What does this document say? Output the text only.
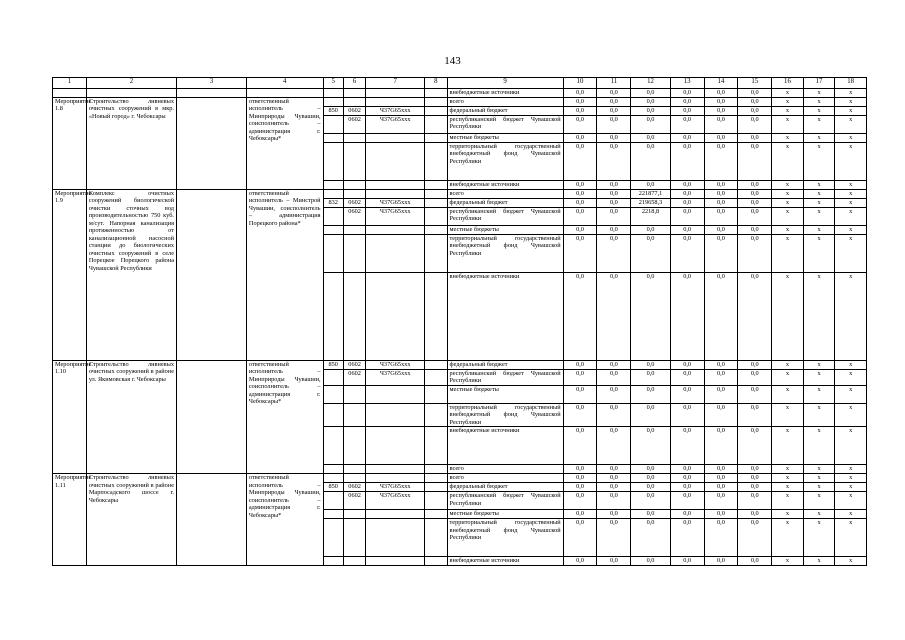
143
1	2	3	4	5	6	7	8	9	10	11	12	13	14	15	16	17	18
								внебюджетные источники	0,0	0,0	0,0	0,0	0,0	0,0	х	х	х
Мероприятие 1.8	Строительство ливневых очистных сооружений в мкр. «Новый город» г. Чебоксары		ответственный исполнитель – Минприроды Чувашии, соисполнитель – администрация г. Чебоксары*					всего	0,0	0,0	0,0	0,0	0,0	0,0	х	х	х
				850	0602	Ч37G65ххх		федеральный бюджет	0,0	0,0	0,0	0,0	0,0	0,0	х	х	х
					0602	Ч37G65ххх		республиканский бюджет Чувашской Республики	0,0	0,0	0,0	0,0	0,0	0,0	х	х	х
								местные бюджеты	0,0	0,0	0,0	0,0	0,0	0,0	х	х	х
								территориальный государственный внебюджетный фонд Чувашской Республики	0,0	0,0	0,0	0,0	0,0	0,0	х	х	х
								внебюджетные источники	0,0	0,0	0,0	0,0	0,0	0,0	х	х	х
Мероприятие 1.9	Комплекс очистных сооружений биологической очистки сточных вод производительностью 750 куб. м/сут. Напорная канализация протяженностью от канализационной насосной станции до биологических очистных сооружений в селе Порецкое Порецкого района Чувашской Республики		ответственный исполнитель – Минстрой Чувашии, соисполнитель – администрация Порецкого района*					всего	0,0	0,0	221877,1	0,0	0,0	0,0	х	х	х
				832	0602	Ч37G65ххх		федеральный бюджет	0,0	0,0	219658,3	0,0	0,0	0,0	х	х	х
					0602	Ч37G65ххх		республиканский бюджет Чувашской Республики	0,0	0,0	2218,8	0,0	0,0	0,0	х	х	х
								местные бюджеты	0,0	0,0	0,0	0,0	0,0	0,0	х	х	х
								территориальный государственный внебюджетный фонд Чувашской Республики	0,0	0,0	0,0	0,0	0,0	0,0	х	х	х
								внебюджетные источники	0,0	0,0	0,0	0,0	0,0	0,0	х	х	х
Мероприятие 1.10	Строительство ливневых очистных сооружений в районе ул. Якимовская г. Чебоксары		ответственный исполнитель – Минприроды Чувашии, соисполнитель – администрация г. Чебоксары*	850	0602	Ч37G65ххх		федеральный бюджет	0,0	0,0	0,0	0,0	0,0	0,0	х	х	х
					0602	Ч37G65ххх		республиканский бюджет Чувашской Республики	0,0	0,0	0,0	0,0	0,0	0,0	х	х	х
								местные бюджеты	0,0	0,0	0,0	0,0	0,0	0,0	х	х	х
								территориальный государственный внебюджетный фонд Чувашской Республики	0,0	0,0	0,0	0,0	0,0	0,0	х	х	х
								внебюджетные источники	0,0	0,0	0,0	0,0	0,0	0,0	х	х	х
								всего	0,0	0,0	0,0	0,0	0,0	0,0	х	х	х
Мероприятие 1.11	Строительство ливневых очистных сооружений в районе Марпосадского шоссе г. Чебоксары		ответственный исполнитель – Минприроды Чувашии, соисполнитель – администрация г. Чебоксары*					всего	0,0	0,0	0,0	0,0	0,0	0,0	х	х	х
				850	0602	Ч37G65ххх		федеральный бюджет	0,0	0,0	0,0	0,0	0,0	0,0	х	х	х
					0602	Ч37G65ххх		республиканский бюджет Чувашской Республики	0,0	0,0	0,0	0,0	0,0	0,0	х	х	х
								местные бюджеты	0,0	0,0	0,0	0,0	0,0	0,0	х	х	х
								территориальный государственный внебюджетный фонд Чувашской Республики	0,0	0,0	0,0	0,0	0,0	0,0	х	х	х
								внебюджетные источники	0,0	0,0	0,0	0,0	0,0	0,0	х	х	х
